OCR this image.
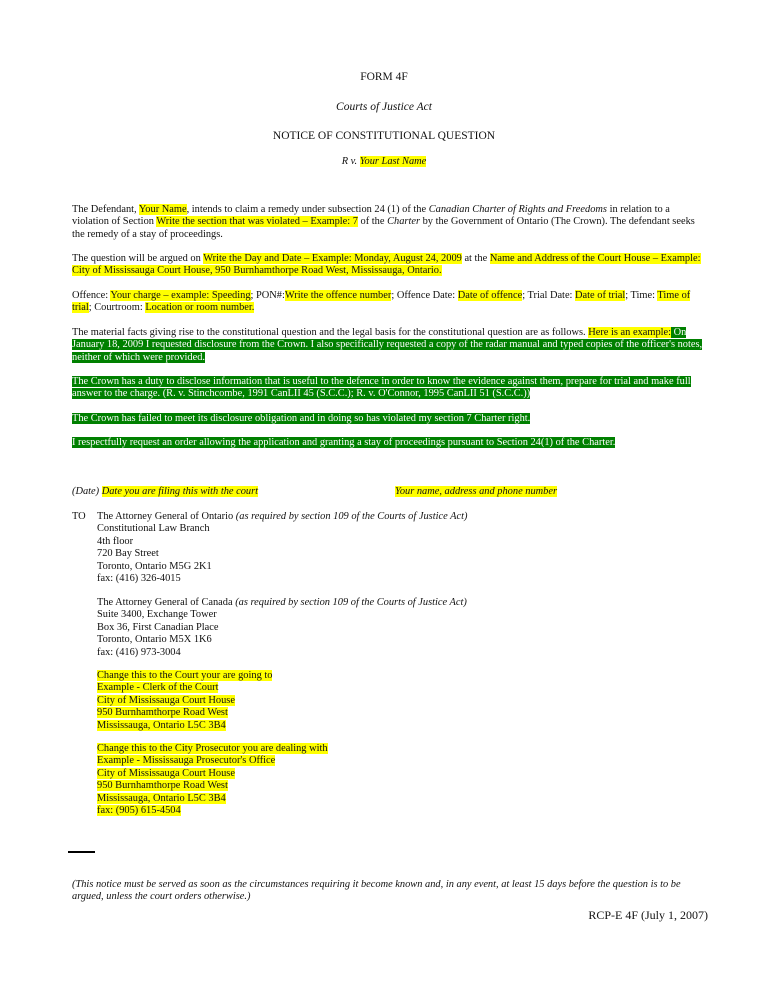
FORM 4F
Courts of Justice Act
NOTICE OF CONSTITUTIONAL QUESTION
R v. Your Last Name
The Defendant, Your Name, intends to claim a remedy under subsection 24 (1) of the Canadian Charter of Rights and Freedoms in relation to a violation of Section Write the section that was violated – Example: 7 of the Charter by the Government of Ontario (The Crown). The defendant seeks the remedy of a stay of proceedings.
The question will be argued on Write the Day and Date – Example: Monday, August 24, 2009 at the Name and Address of the Court House – Example: City of Mississauga Court House, 950 Burnhamthorpe Road West, Mississauga, Ontario.
Offence: Your charge – example: Speeding; PON#:Write the offence number; Offence Date: Date of offence; Trial Date: Date of trial; Time: Time of trial; Courtroom: Location or room number.
The material facts giving rise to the constitutional question and the legal basis for the constitutional question are as follows. Here is an example: On January 18, 2009 I requested disclosure from the Crown. I also specifically requested a copy of the radar manual and typed copies of the officer's notes, neither of which were provided.
The Crown has a duty to disclose information that is useful to the defence in order to know the evidence against them, prepare for trial and make full answer to the charge. (R. v. Stinchcombe, 1991 CanLII 45 (S.C.C.); R. v. O'Connor, 1995 CanLII 51 (S.C.C.))
The Crown has failed to meet its disclosure obligation and in doing so has violated my section 7 Charter right.
I respectfully request an order allowing the application and granting a stay of proceedings pursuant to Section 24(1) of the Charter.
(Date) Date you are filing this with the court	Your name, address and phone number
TO The Attorney General of Ontario (as required by section 109 of the Courts of Justice Act)
Constitutional Law Branch
4th floor
720 Bay Street
Toronto, Ontario M5G 2K1
fax: (416) 326-4015
The Attorney General of Canada (as required by section 109 of the Courts of Justice Act)
Suite 3400, Exchange Tower
Box 36, First Canadian Place
Toronto, Ontario M5X 1K6
fax: (416) 973-3004
Change this to the Court your are going to
Example - Clerk of the Court
City of Mississauga Court House
950 Burnhamthorpe Road West
Mississauga, Ontario L5C 3B4
Change this to the City Prosecutor you are dealing with
Example - Mississauga Prosecutor's Office
City of Mississauga Court House
950 Burnhamthorpe Road West
Mississauga, Ontario L5C 3B4
fax: (905) 615-4504
(This notice must be served as soon as the circumstances requiring it become known and, in any event, at least 15 days before the question is to be argued, unless the court orders otherwise.)
RCP-E 4F (July 1, 2007)
